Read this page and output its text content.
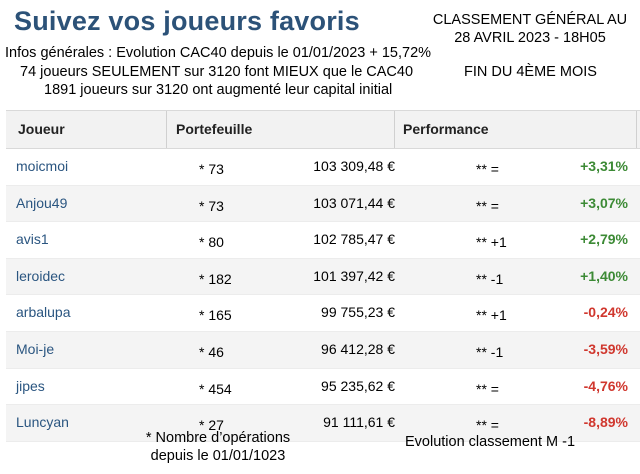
Suivez vos joueurs favoris	CLASSEMENT GÉNÉRAL AU
28 AVRIL 2023 - 18H05
Infos générales : Evolution CAC40 depuis le 01/01/2023 + 15,72%
74 joueurs SEULEMENT sur 3120 font MIEUX que le CAC40
1891 joueurs sur 3120 ont augmenté leur capital initial
FIN DU 4ÈME MOIS
Joueur	Portefeuille	Performance
moicmoi	* 73	103 309,48 €	** =	+3,31%
Anjou49	* 73	103 071,44 €	** =	+3,07%
avis1	* 80	102 785,47 €	** +1	+2,79%
leroidec	* 182	101 397,42 €	** -1	+1,40%
arbalupa	* 165	99 755,23 €	** +1	-0,24%
Moi-je	* 46	96 412,28 €	** -1	-3,59%
jipes	* 454	95 235,62 €	** =	-4,76%
Luncyan	* 27	91 111,61 €	** =	-8,89%
* Nombre d’opérations
depuis le 01/01/1023
Evolution classement M -1
